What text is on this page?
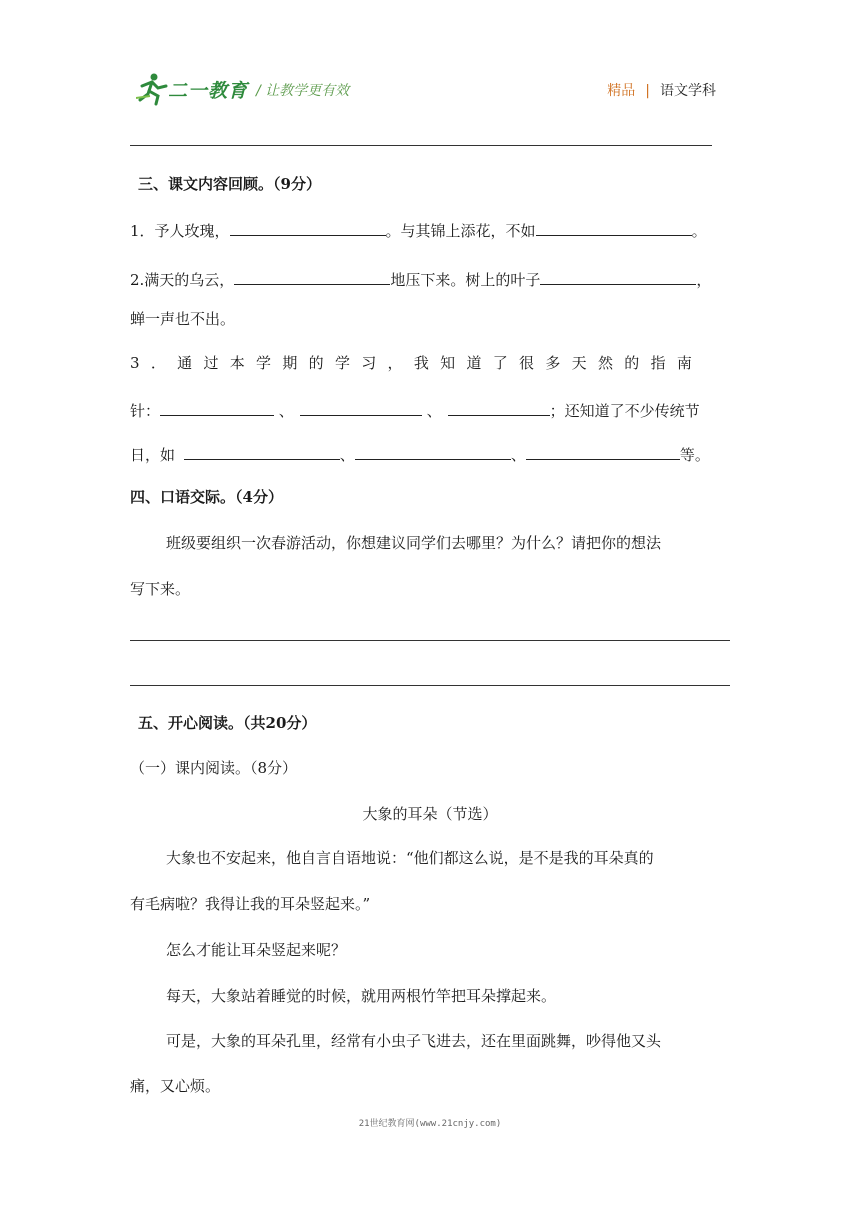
二一教育 / 让教学更有效	精品 | 语文学科
三、课文内容回顾。（9分）
1．予人玫瑰，	。与其锦上添花，不如	。
2.满天的乌云，	地压下来。树上的叶子	，
蝉一声也不出。
3．通过本学期的学习，我知道了很多天然的指南
针：	、	、	；还知道了不少传统节
日，如	、	、	等。
四、口语交际。（4分）
班级要组织一次春游活动，你想建议同学们去哪里？为什么？请把你的想法
写下来。
五、开心阅读。（共20分）
（一）课内阅读。（8分）
大象的耳朵（节选）
大象也不安起来，他自言自语地说：“他们都这么说，是不是我的耳朵真的
有毛病啦？我得让我的耳朵竖起来。”
怎么才能让耳朵竖起来呢？
每天，大象站着睡觉的时候，就用两根竹竿把耳朵撑起来。
可是，大象的耳朵孔里，经常有小虫子飞进去，还在里面跳舞，吵得他又头
痛，又心烦。
21世纪教育网(www.21cnjy.com)
